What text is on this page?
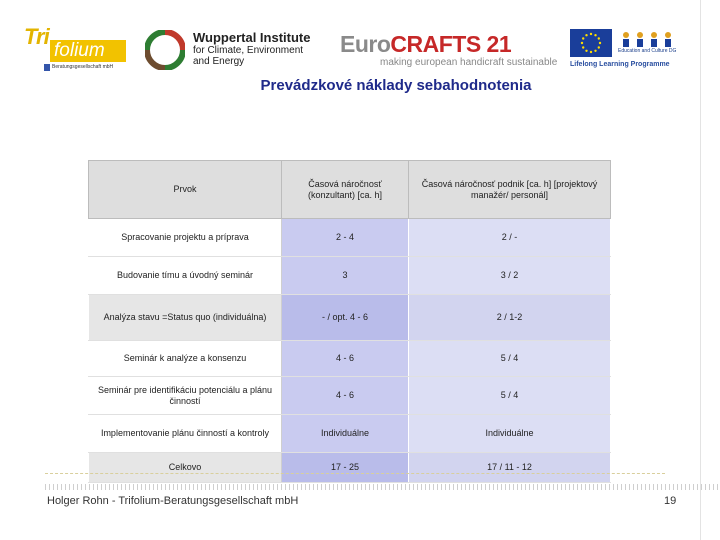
Tri
folium
Beratungsgesellschaft mbH
Wuppertal Institute
for Climate, Environment
and Energy
EuroCRAFTS 21
making european handicraft sustainable
Education and Culture DG
Lifelong Learning Programme
Prevádzkové náklady sebahodnotenia
Prvok	Časová náročnosť (konzultant) [ca. h]	Časová náročnosť podnik [ca. h] [projektový manažér/ personál]
Spracovanie projektu a príprava	2 - 4	2 / -
Budovanie tímu a úvodný seminár	3	3 / 2
Analýza stavu =Status quo (individuálna)	- / opt. 4 - 6	2 / 1-2
Seminár k analýze a konsenzu	4 - 6	5 / 4
Seminár pre identifikáciu potenciálu a plánu činností	4 - 6	5 / 4
Implementovanie plánu činností a kontroly	Individuálne	Individuálne
Celkovo	17 - 25	17 / 11 - 12
Holger Rohn - Trifolium-Beratungsgesellschaft mbH	19
